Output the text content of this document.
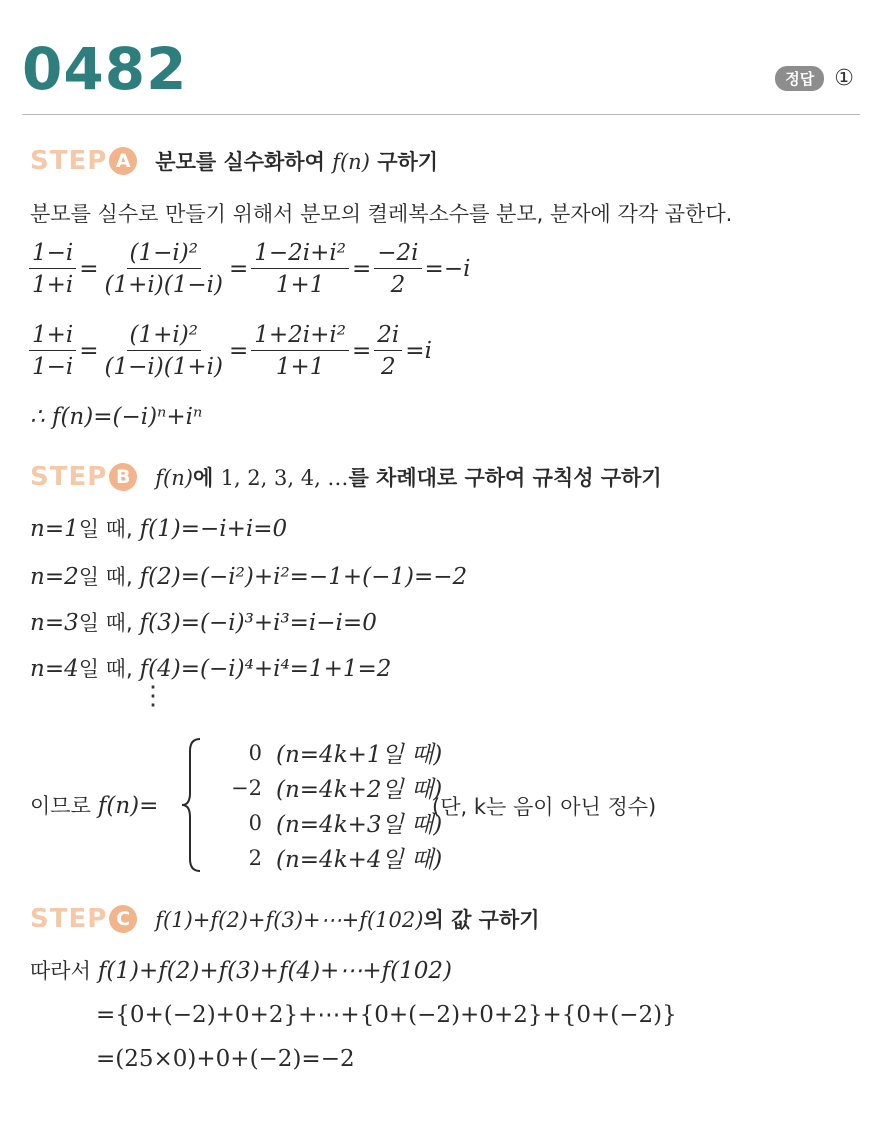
0482	정답 ①
STEP A	분모를 실수화하여 f(n) 구하기
분모를 실수로 만들기 위해서 분모의 켤레복소수를 분모, 분자에 각각 곱한다.
$\frac{1-i}{1+i} = \frac{\text{(1−i)²}}{(1+i)(1-i)} = \frac{\text{1−2i+i²}}{1+1} = \frac{-2i}{2} = -i$
$\frac{1+i}{1-i} = \frac{\text{(1+i)²}}{(1-i)(1+i)} = \frac{\text{1+2i+i²}}{1+1} = \frac{2i}{2} = i$
∴ f(n)=(−i)ⁿ+iⁿ
STEP B	f(n)에 1, 2, 3, 4, …를 차례대로 구하여 규칙성 구하기
n=1일 때, f(1)=−i+i=0
n=2일 때, f(2)=(−i²)+i²=−1+(−1)=−2
n=3일 때, f(3)=(−i)³+i³=i−i=0
n=4일 때, f(4)=(−i)⁴+i⁴=1+1=2
⋮
이므로 f(n)=
0 (n=4k+1일 때)
−2 (n=4k+2일 때)
0 (n=4k+3일 때)
2 (n=4k+4일 때)
(단, k는 음이 아닌 정수)
STEP C	f(1)+f(2)+f(3)+⋯+f(102)의 값 구하기
따라서 f(1)+f(2)+f(3)+f(4)+⋯+f(102)
={0+(−2)+0+2}+⋯+{0+(−2)+0+2}+{0+(−2)}
=(25×0)+0+(−2)=−2
